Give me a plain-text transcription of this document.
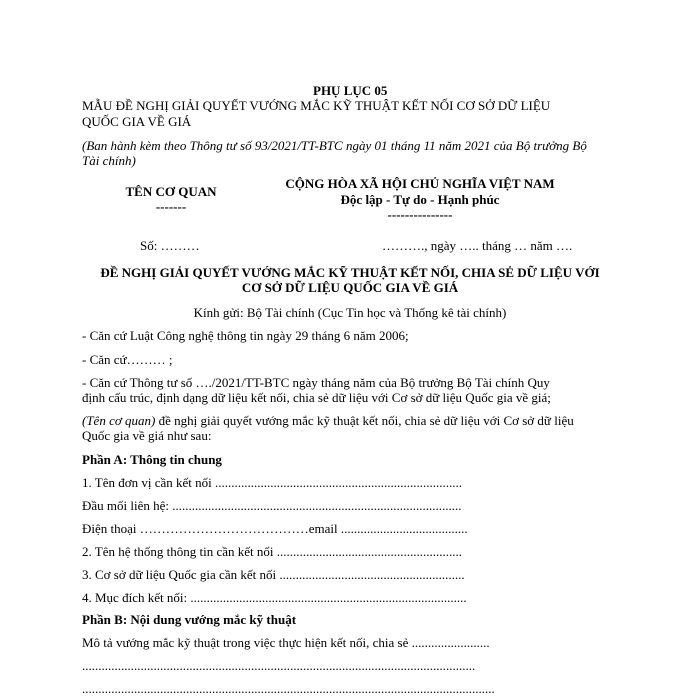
PHỤ LỤC 05
MẪU ĐỀ NGHỊ GIẢI QUYẾT VƯỚNG MẮC KỸ THUẬT KẾT NỐI CƠ SỞ DỮ LIỆU
QUỐC GIA VỀ GIÁ
(Ban hành kèm theo Thông tư số 93/2021/TT-BTC ngày 01 tháng 11 năm 2021 của Bộ trưởng Bộ
Tài chính)
TÊN CƠ QUAN
-------
CỘNG HÒA XÃ HỘI CHỦ NGHĨA VIỆT NAM
Độc lập - Tự do - Hạnh phúc
---------------
Số: ………	………., ngày ….. tháng … năm ….
ĐỀ NGHỊ GIẢI QUYẾT VƯỚNG MẮC KỸ THUẬT KẾT NỐI, CHIA SẺ DỮ LIỆU VỚI
CƠ SỞ DỮ LIỆU QUỐC GIA VỀ GIÁ
Kính gửi: Bộ Tài chính (Cục Tin học và Thống kê tài chính)
- Căn cứ Luật Công nghệ thông tin ngày 29 tháng 6 năm 2006;
- Căn cứ……… ;
- Căn cứ Thông tư số …./2021/TT-BTC ngày tháng năm của Bộ trưởng Bộ Tài chính Quy
định cấu trúc, định dạng dữ liệu kết nối, chia sẻ dữ liệu với Cơ sở dữ liệu Quốc gia về giá;
(Tên cơ quan) đề nghị giải quyết vướng mắc kỹ thuật kết nối, chia sẻ dữ liệu với Cơ sở dữ liệu
Quốc gia về giá như sau:
Phần A: Thông tin chung
1. Tên đơn vị cần kết nối ............................................................................
Đầu mối liên hệ: .........................................................................................
Điện thoại …………………………………email .......................................
2. Tên hệ thống thông tin cần kết nối .........................................................
3. Cơ sở dữ liệu Quốc gia cần kết nối .........................................................
4. Mục đích kết nối: .....................................................................................
Phần B: Nội dung vướng mắc kỹ thuật
Mô tả vướng mắc kỹ thuật trong việc thực hiện kết nối, chia sẻ ........................
.........................................................................................................................
...............................................................................................................................
